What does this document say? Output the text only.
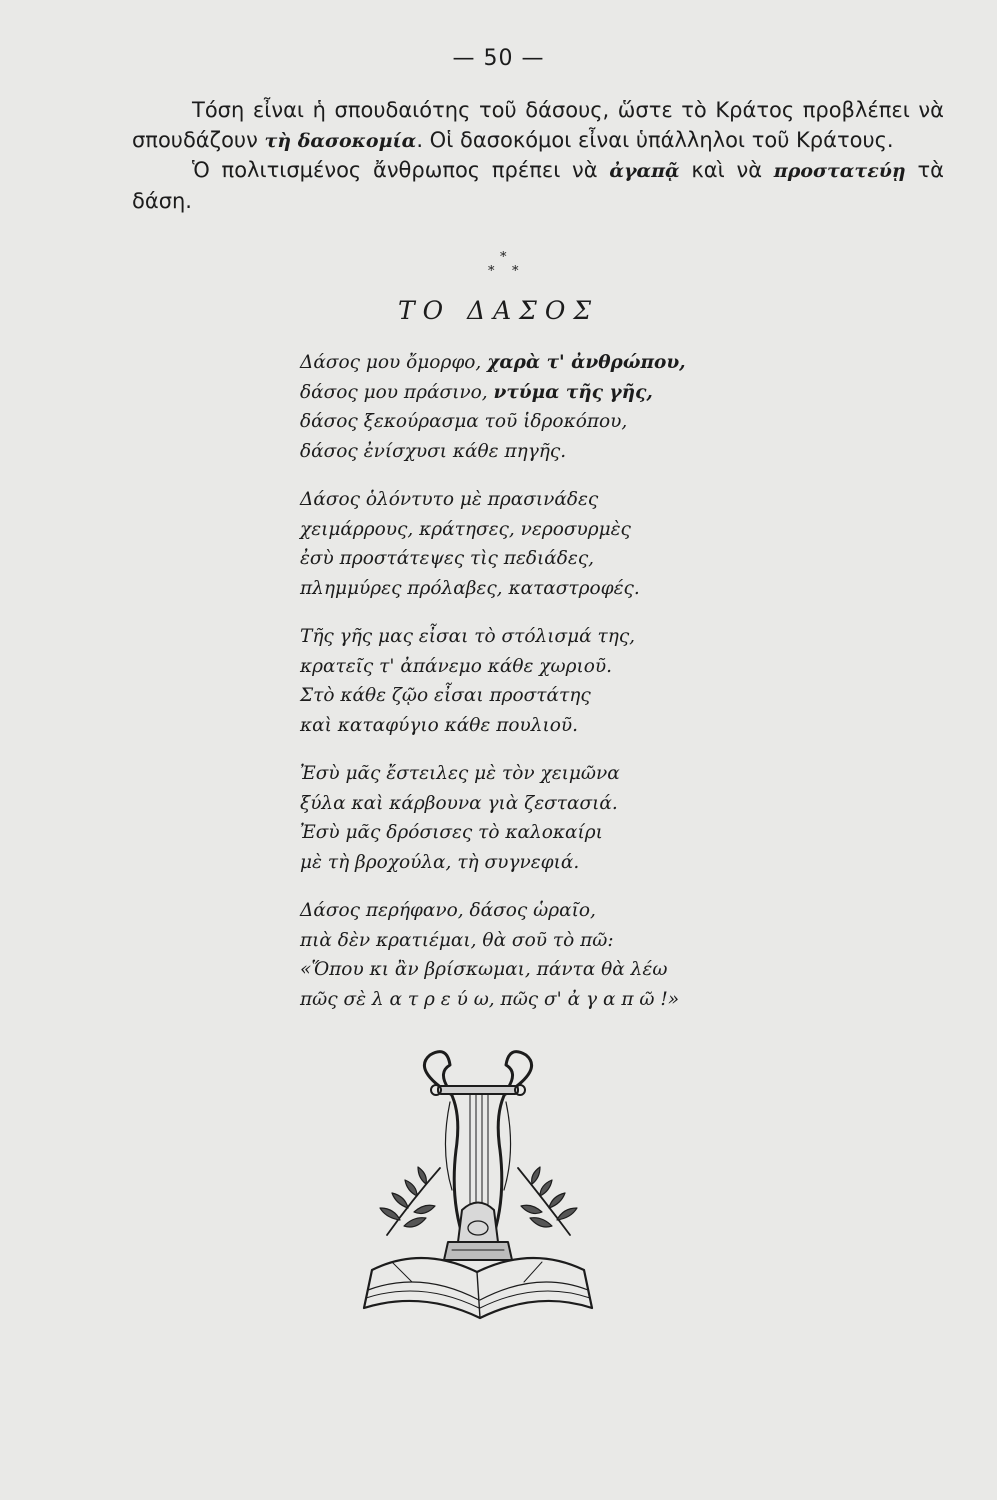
— 50 —

Τόση εἶναι ἡ σπουδαιότης τοῦ δάσους, ὥστε τὸ Κράτος προβλέπει νὰ σπουδάζουν τὴ δασοκομία. Οἱ δασοκόμοι εἶναι ὑπάλληλοι τοῦ Κράτους.

Ὁ πολιτισμένος ἄνθρωπος πρέπει νὰ ἀγαπᾷ καὶ νὰ προστατεύῃ τὰ δάση.

*
* *
ΤΟ ΔΑΣΟΣ
Δάσος μου ὄμορφο, χαρὰ τ' ἀνθρώπου,
δάσος μου πράσινο, ντύμα τῆς γῆς,
δάσος ξεκούρασμα τοῦ ἱδροκόπου,
δάσος ἐνίσχυσι κάθε πηγῆς.
Δάσος ὁλόντυτο μὲ πρασινάδες
χειμάρρους, κράτησες, νεροσυρμὲς
ἐσὺ προστάτεψες τὶς πεδιάδες,
πλημμύρες πρόλαβες, καταστροφές.
Τῆς γῆς μας εἶσαι τὸ στόλισμά της,
κρατεῖς τ' ἀπάνεμο κάθε χωριοῦ.
Στὸ κάθε ζῷο εἶσαι προστάτης
καὶ καταφύγιο κάθε πουλιοῦ.
Ἐσὺ μᾶς ἔστειλες μὲ τὸν χειμῶνα
ξύλα καὶ κάρβουνα γιὰ ζεστασιά.
Ἐσὺ μᾶς δρόσισες τὸ καλοκαίρι
μὲ τὴ βροχούλα, τὴ συγνεφιά.
Δάσος περήφανο, δάσος ὡραῖο,
πιὰ δὲν κρατιέμαι, θὰ σοῦ τὸ πῶ:
«Ὅπου κι ἂν βρίσκωμαι, πάντα θὰ λέω
πῶς σὲ λ α τ ρ ε ύ ω, πῶς σ' ἀ γ α π ῶ !»
